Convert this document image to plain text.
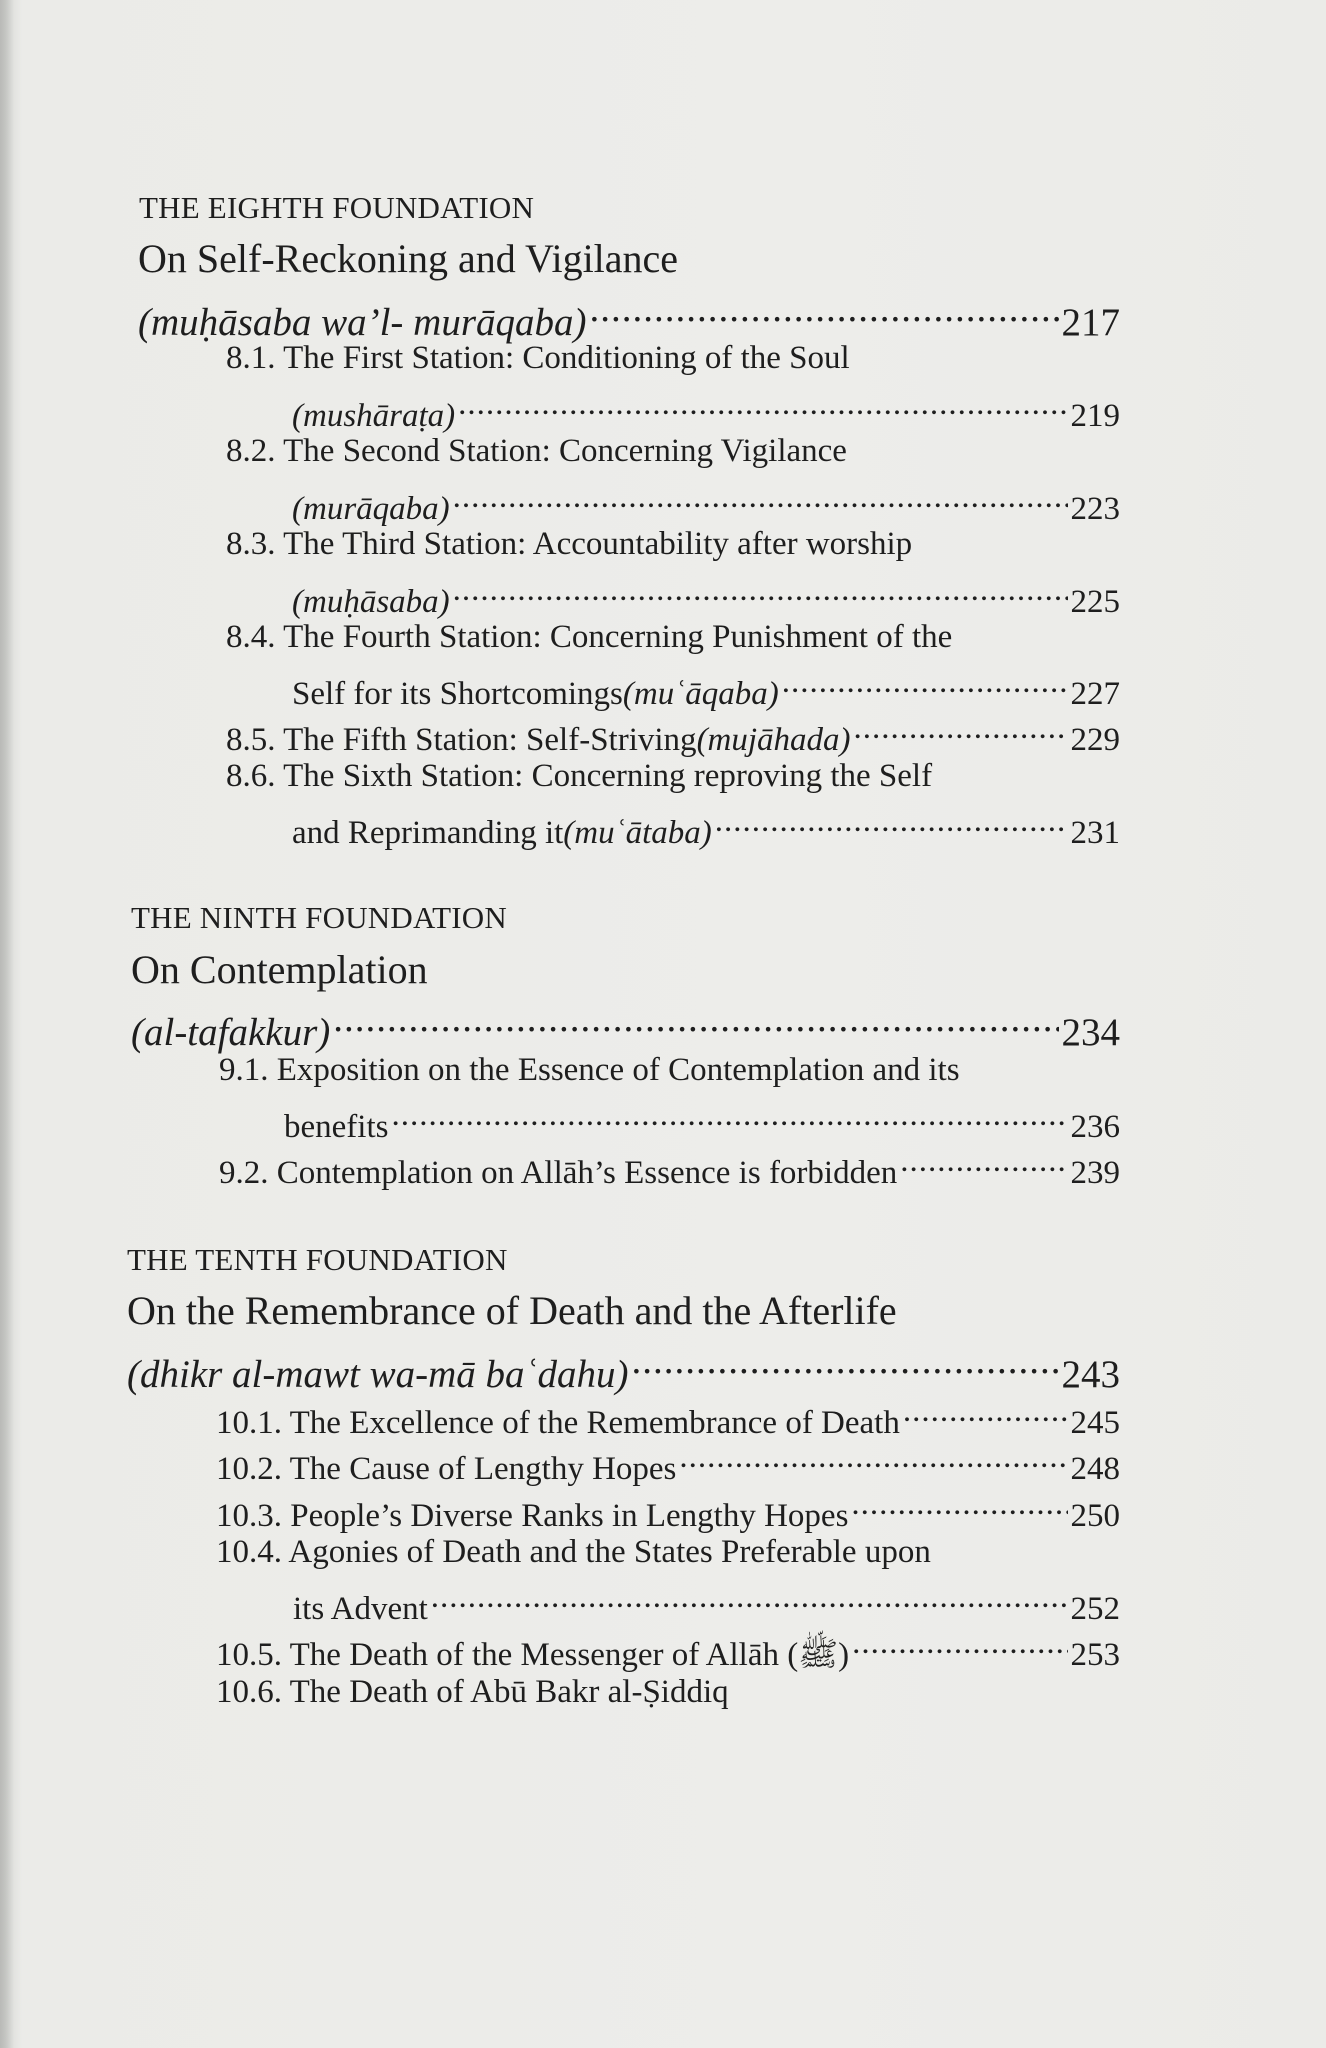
THE EIGHTH FOUNDATION
On Self-Reckoning and Vigilance
(muḥāsaba wa’l- murāqaba) .....	217
8.1. The First Station: Conditioning of the Soul
(mushāraṭa) .....	219
8.2. The Second Station: Concerning Vigilance
(murāqaba) .....	223
8.3. The Third Station: Accountability after worship
(muḥāsaba) .....	225
8.4. The Fourth Station: Concerning Punishment of the
Self for its Shortcomings (muʿāqaba) .....	227
8.5. The Fifth Station: Self-Striving (mujāhada) .....	229
8.6. The Sixth Station: Concerning reproving the Self
and Reprimanding it (muʿātaba) .....	231
THE NINTH FOUNDATION
On Contemplation
(al-tafakkur) .....	234
9.1. Exposition on the Essence of Contemplation and its
benefits .....	236
9.2. Contemplation on Allāh’s Essence is forbidden .....	239
THE TENTH FOUNDATION
On the Remembrance of Death and the Afterlife
(dhikr al-mawt wa-mā baʿdahu) .....	243
10.1. The Excellence of the Remembrance of Death .....	245
10.2. The Cause of Lengthy Hopes .....	248
10.3. People’s Diverse Ranks in Lengthy Hopes .....	250
10.4. Agonies of Death and the States Preferable upon
its Advent .....	252
10.5. The Death of the Messenger of Allāh (ﷺ) .....	253
10.6. The Death of Abū Bakr al-Ṣiddiq
